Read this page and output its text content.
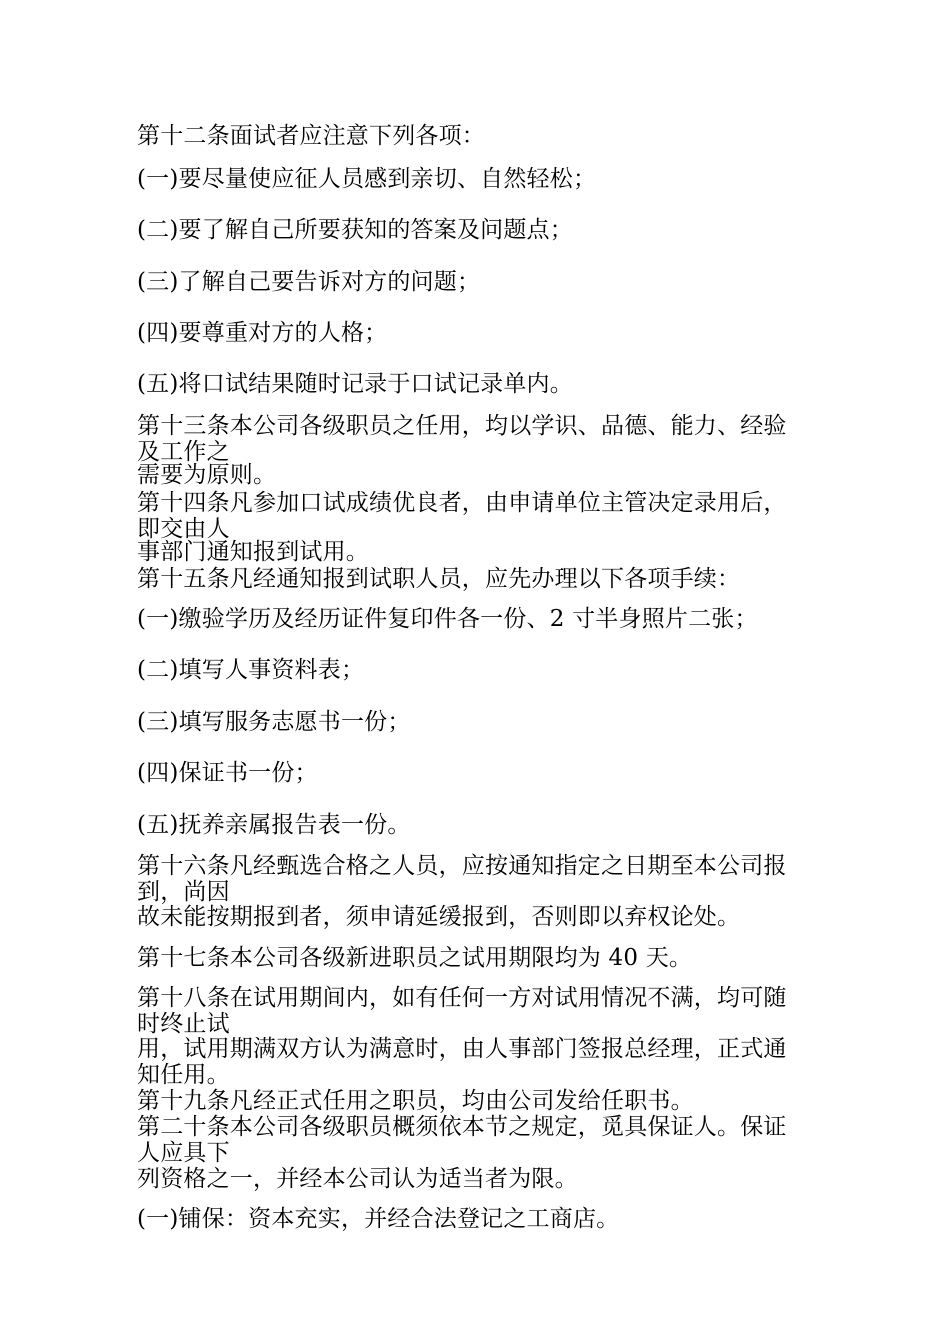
第十二条面试者应注意下列各项：
(一)要尽量使应征人员感到亲切、自然轻松；
(二)要了解自己所要获知的答案及问题点；
(三)了解自己要告诉对方的问题；
(四)要尊重对方的人格；
(五)将口试结果随时记录于口试记录单内。
第十三条本公司各级职员之任用，均以学识、品德、能力、经验
及工作之
需要为原则。
第十四条凡参加口试成绩优良者，由申请单位主管决定录用后，
即交由人
事部门通知报到试用。
第十五条凡经通知报到试职人员，应先办理以下各项手续：
(一)缴验学历及经历证件复印件各一份、2 寸半身照片二张；
(二)填写人事资料表；
(三)填写服务志愿书一份；
(四)保证书一份；
(五)抚养亲属报告表一份。
第十六条凡经甄选合格之人员，应按通知指定之日期至本公司报
到，尚因
故未能按期报到者，须申请延缓报到，否则即以弃权论处。
第十七条本公司各级新进职员之试用期限均为 40 天。
第十八条在试用期间内，如有任何一方对试用情况不满，均可随
时终止试
用，试用期满双方认为满意时，由人事部门签报总经理，正式通
知任用。
第十九条凡经正式任用之职员，均由公司发给任职书。
第二十条本公司各级职员概须依本节之规定，觅具保证人。保证
人应具下
列资格之一，并经本公司认为适当者为限。
(一)铺保：资本充实，并经合法登记之工商店。
